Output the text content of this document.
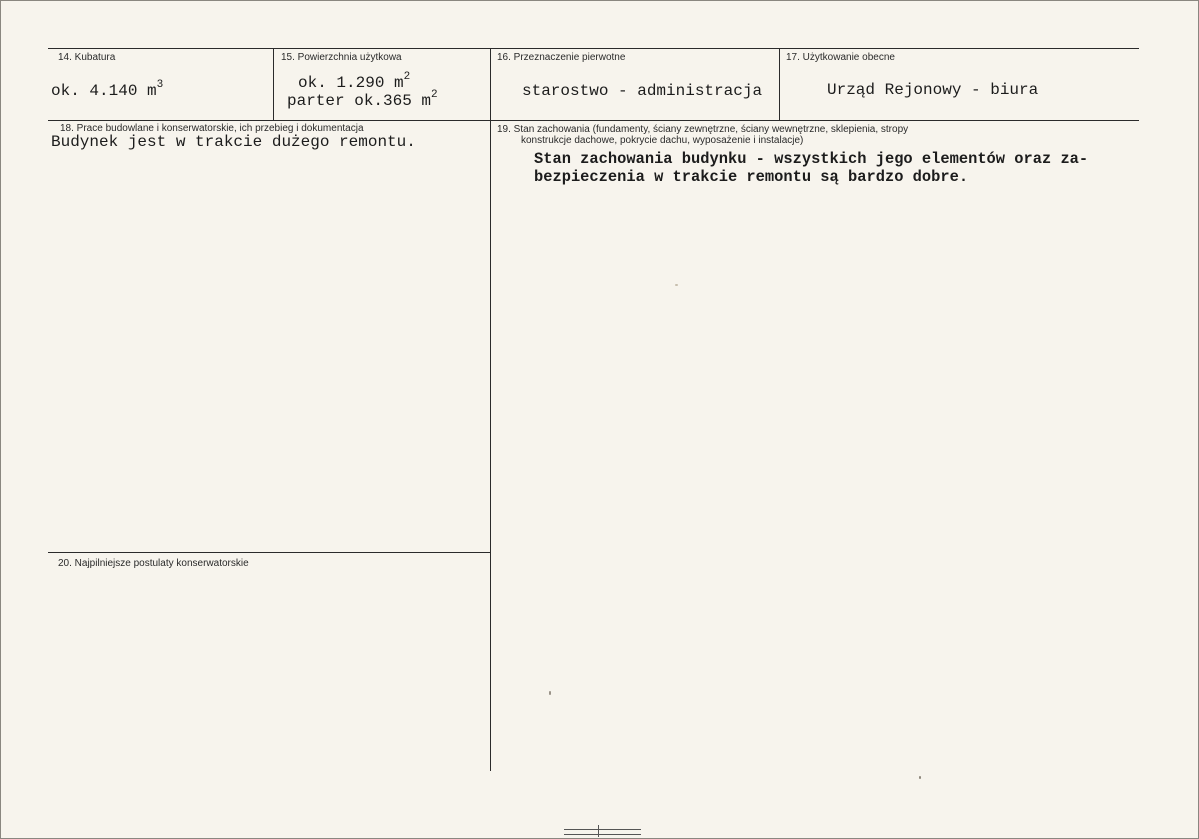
14. Kubatura
ok. 4.140 $m^3$
15. Powierzchnia użytkowa
ok. 1.290 $m^2$
parter ok.365 $m^2$
16. Przeznaczenie pierwotne
starostwo - administracja
17. Użytkowanie obecne
Urząd Rejonowy - biura
18. Prace budowlane i konserwatorskie, ich przebieg i dokumentacja
Budynek jest w trakcie dużego remontu.
19. Stan zachowania (fundamenty, ściany zewnętrzne, ściany wewnętrzne, sklepienia, stropy
konstrukcje dachowe, pokrycie dachu, wyposażenie i instalacje)
Stan zachowania budynku - wszystkich jego elementów oraz za-
bezpieczenia w trakcie remontu są bardzo dobre.
20. Najpilniejsze postulaty konserwatorskie
